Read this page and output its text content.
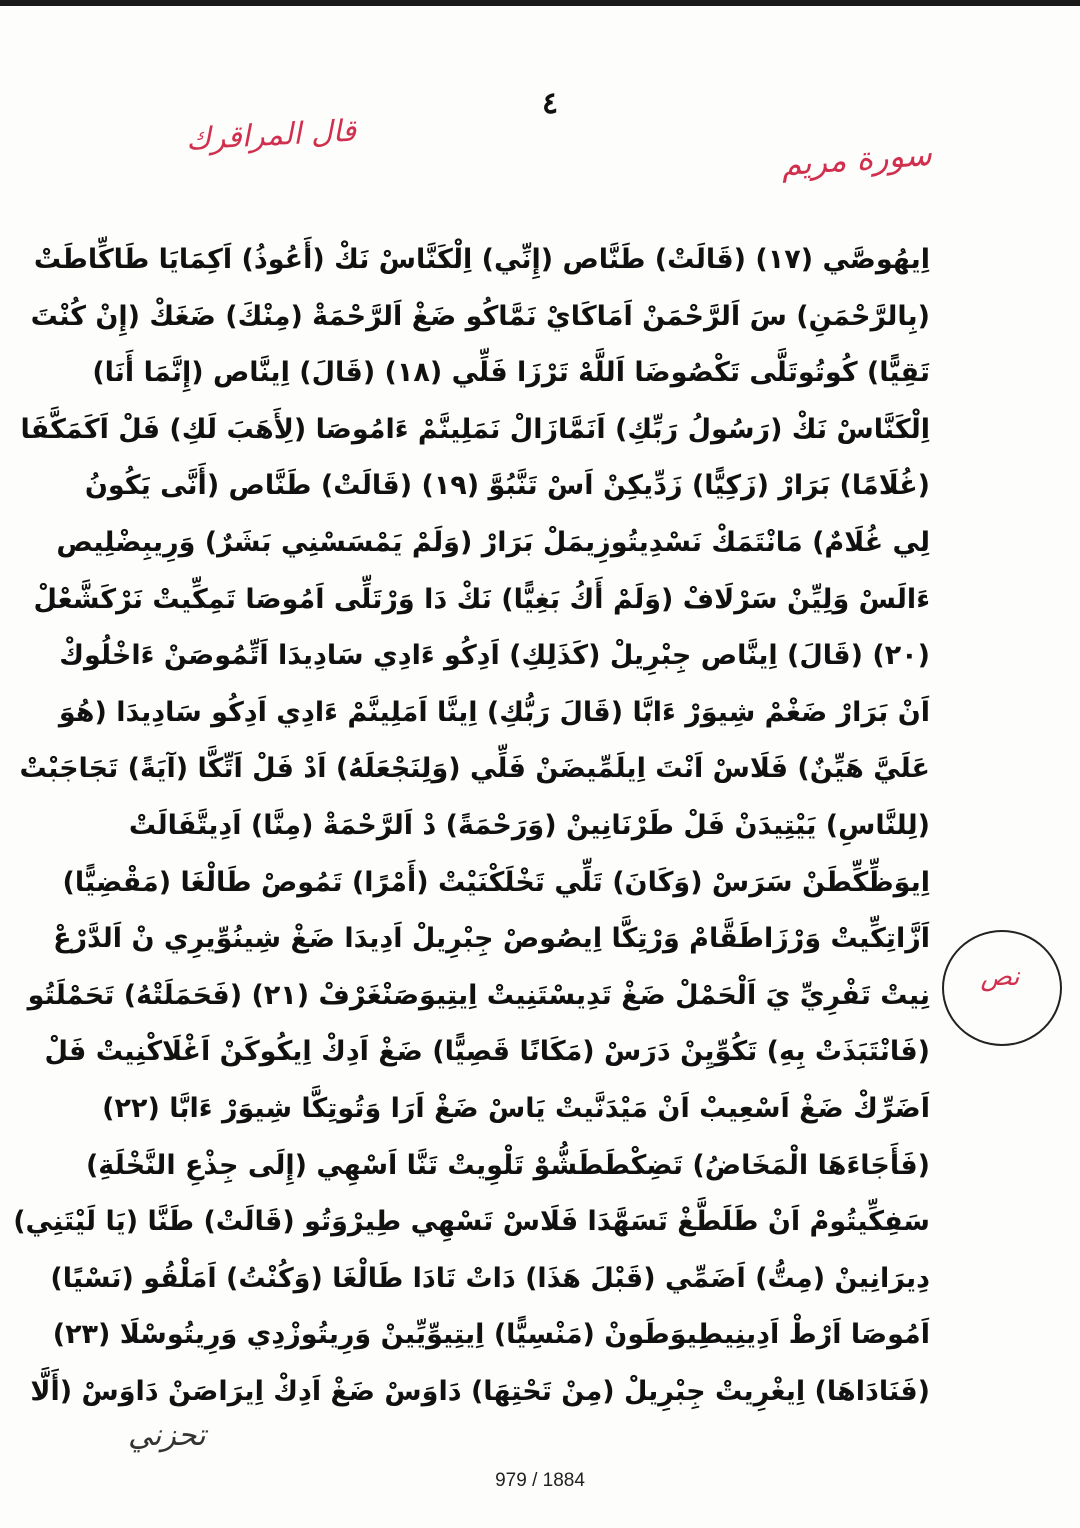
٤
قال المراقرك	سورة مريم
نص
اِيهُوصَّي (١٧) (قَالَتْ) طَنَّاص (إِنِّي) اِلْكَنَّاسْ نَكْ (أَعُوذُ) اَكِمَايَا طَاكِّاطَتْ
(بِالرَّحْمَنِ) سَ اَلرَّحْمَنْ اَمَاكَايْ نَمَّاكُو ضَغْ اَلرَّحْمَةْ (مِنْكَ) ضَغَكْ (إِنْ كُنْتَ
تَقِيًّا) كُوتُوتَلَّى تَكْصُوضَا اَللَّهْ تَرْزَا فَلِّي (١٨) (قَالَ) اِينَّاص (إِنَّمَا أَنَا)
اِلْكَنَّاسْ نَكْ (رَسُولُ رَبِّكِ) اَنَمَّازَالْ نَمَلِينَّمْ ءَامُوصَا (لِأَهَبَ لَكِ) فَلْ اَكَمَكَّفَا
(غُلَامًا) بَرَارْ (زَكِيًّا) زَدِّيكِنْ اَسْ تَنَّبُوَّ (١٩) (قَالَتْ) طَنَّاص (أَنَّى يَكُونُ
لِي غُلَامٌ) مَانْتَمَكْ نَسْدِيتُوزِيمَلْ بَرَارْ (وَلَمْ يَمْسَسْنِي بَشَرٌ) وَرِيبِضْلِيص
ءَالَسْ وَلِيِّنْ سَرْلَافْ (وَلَمْ أَكُ بَغِيًّا) نَكْ دَا وَرْتَلِّى اَمُوصَا تَمِكِّيتْ نَرْكَشَّعْلْ
(٢٠) (قَالَ) اِينَّاص جِبْرِيلْ (كَذَلِكِ) اَدِكُو ءَادِي سَادِيدَا اَتِّمُوصَنْ ءَاخْلُوكْ
اَنْ بَرَارْ ضَغْمْ شِيوَرْ ءَابَّا (قَالَ رَبُّكِ) اِينَّا اَمَلِينَّمْ ءَادِي اَدِكُو سَادِيدَا (هُوَ
عَلَيَّ هَيِّنٌ) فَلَاسْ اَنْتَ اِيلَمِّيضَنْ فَلِّي (وَلِنَجْعَلَهُ) اَدْ فَلْ اَتِّكَّا (آيَةً) تَجَاجَبْتْ
(لِلنَّاسِ) يَيْتِيدَنْ فَلْ طَرْنَانِينْ (وَرَحْمَةً) دْ اَلرَّحْمَةْ (مِنَّا) اَدِيتَّفَالَتْ
اِيوَظِّكِّطَنْ سَرَسْ (وَكَانَ) تَلِّي تَخْلَكْنَيْتْ (أَمْرًا) تَمُوصْ طَالْغَا (مَقْضِيًّا)
اَزَّاتِكِّيتْ وَرْزَاطَقَّامْ وَرْتِكَّا اِيصُوصْ جِبْرِيلْ اَدِيدَا ضَغْ شِينُوِّيرِي نْ اَلدَّرْعْ
نِيتْ تَفْرِيِّ يَ اَلْحَمْلْ ضَغْ تَدِيسْتَنِيتْ اِيتِيوَصَنْغَرْفْ (٢١) (فَحَمَلَتْهُ) تَحَمْلَتُو
(فَانْتَبَذَتْ بِهِ) تَكُوِّيِنْ دَرَسْ (مَكَانًا قَصِيًّا) ضَغْ اَدِكْ اِيكُوكَنْ اَغْلَاكْنِيتْ فَلْ
اَضَرِّكْ ضَغْ اَسْعِيبْ اَنْ مَيْدَنَّيتْ يَاسْ ضَغْ اَرَا وَتُوتِكَّا شِيوَرْ ءَابَّا (٢٢)
(فَأَجَاءَهَا الْمَخَاضُ) تَضِكْطَطَشُّوْ تَلْوِيتْ تَنَّا اَسْهِي (إِلَى جِذْعِ النَّخْلَةِ)
سَفِكِّيتُومْ اَنْ طَلَطَّغْ تَسَهَّدَا فَلَاسْ تَسْهِي طِيرْوَتُو (قَالَتْ) طَنَّا (يَا لَيْتَنِي)
دِيرَانِينْ (مِتُّ) اَضَمِّي (قَبْلَ هَذَا) دَاتْ تَادَا طَالْغَا (وَكُنْتُ) اَمَلْقُو (نَسْيًا)
اَمُوصَا اَرْطْ اَدِينِيطِيوَطَونْ (مَنْسِيًّا) اِيتِيوِّيِّينْ وَرِيتُوزْدِي وَرِيتُوسْلَا (٢٣)
(فَنَادَاهَا) اِيغْرِيتْ جِبْرِيلْ (مِنْ تَحْتِهَا) دَاوَسْ ضَغْ اَدِكْ اِيرَاصَنْ دَاوَسْ (أَلَّا
تحزني
979 / 1884
